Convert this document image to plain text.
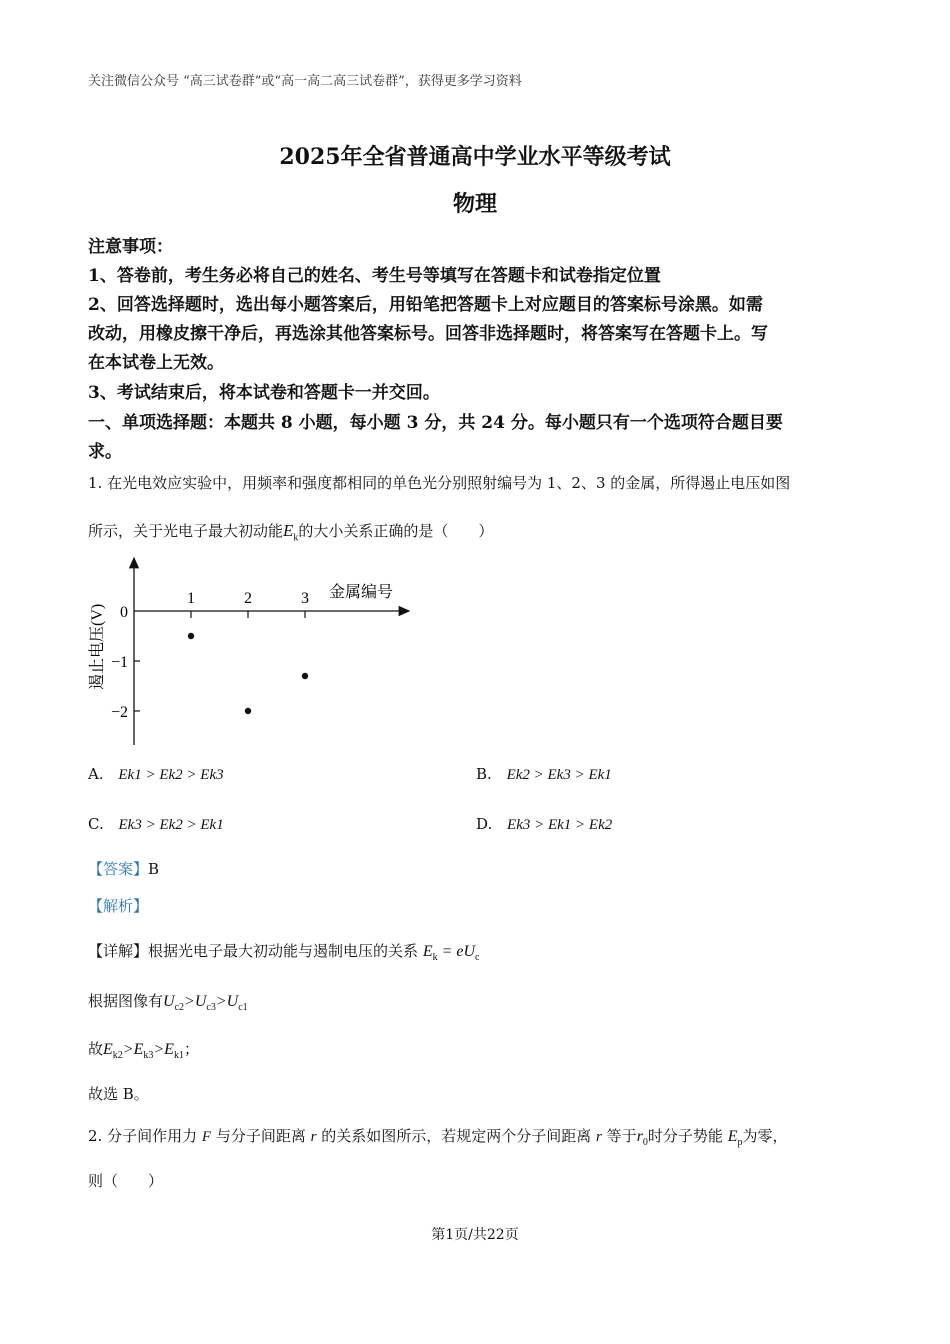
关注微信公众号 “高三试卷群”或“高一高二高三试卷群”，获得更多学习资料
2025年全省普通高中学业水平等级考试
物理
注意事项：
1、答卷前，考生务必将自己的姓名、考生号等填写在答题卡和试卷指定位置
2、回答选择题时，选出每小题答案后，用铅笔把答题卡上对应题目的答案标号涂黑。如需
改动，用橡皮擦干净后，再选涂其他答案标号。回答非选择题时，将答案写在答题卡上。写
在本试卷上无效。
3、考试结束后，将本试卷和答题卡一并交回。
一、单项选择题：本题共 8 小题，每小题 3 分，共 24 分。每小题只有一个选项符合题目要
求。
1. 在光电效应实验中，用频率和强度都相同的单色光分别照射编号为 1、2、3 的金属，所得遏止电压如图
所示，关于光电子最大初动能$E_k$的大小关系正确的是（　　）
金属编号
遏止电压(V)
1	2	3
0
−1
−2
A. Ek1 > Ek2 > Ek3	B. Ek2 > Ek3 > Ek1
C. Ek3 > Ek2 > Ek1	D. Ek3 > Ek1 > Ek2
【答案】B
【解析】
【详解】根据光电子最大初动能与遏制电压的关系 $E_k = eU_c$
根据图像有$U_{c2}>U_{c3}>U_{c1}$
故$E_{k2}>E_{k3}>E_{k1}$；
故选 B。
2. 分子间作用力 F 与分子间距离 r 的关系如图所示，若规定两个分子间距离 r 等于$r_0$时分子势能 $E_p$为零，
则（　　）
第1页/共22页
